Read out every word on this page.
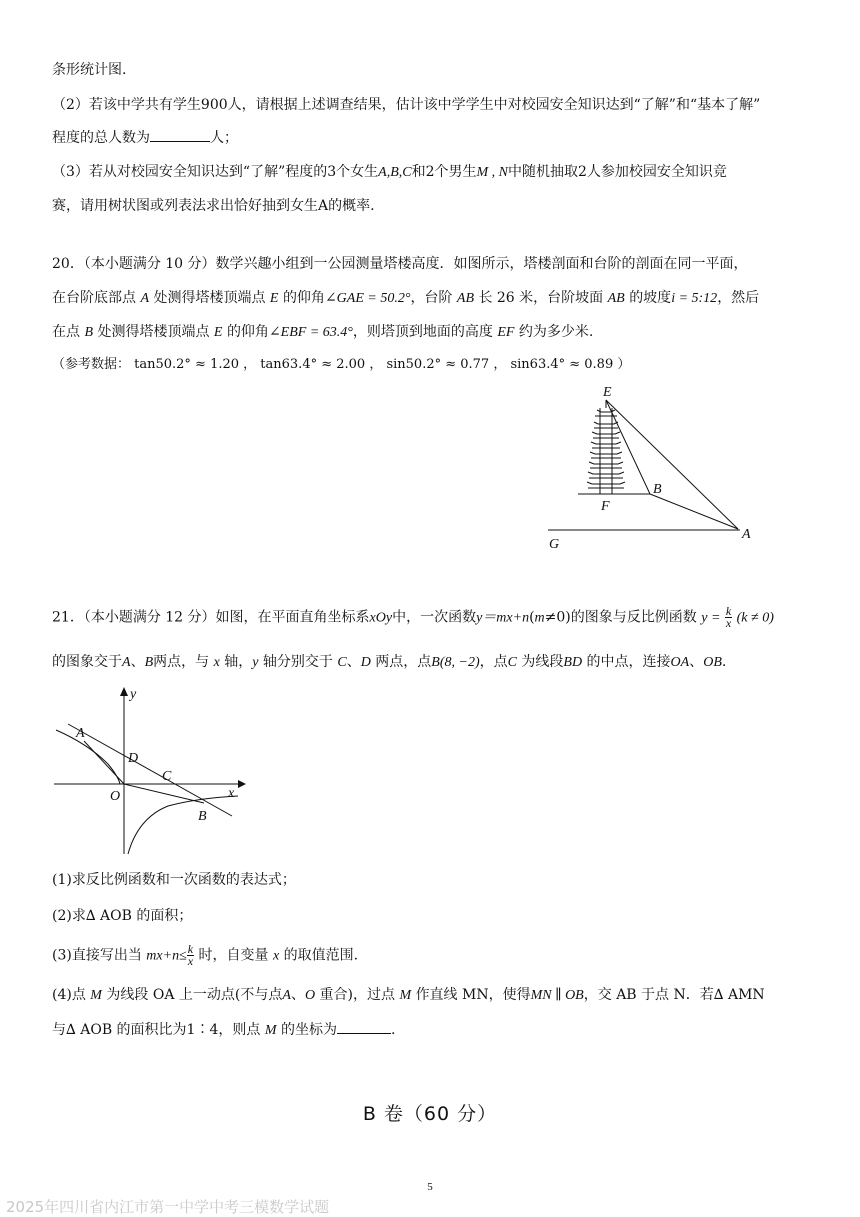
条形统计图.
（2）若该中学共有学生900人，请根据上述调查结果，估计该中学学生中对校园安全知识达到“了解”和“基本了解”
程度的总人数为	人；
（3）若从对校园安全知识达到“了解”程度的3个女生A,B,C和2个男生M , N中随机抽取2人参加校园安全知识竞
赛，请用树状图或列表法求出恰好抽到女生A的概率.
20．（本小题满分 10 分）数学兴趣小组到一公园测量塔楼高度．如图所示，塔楼剖面和台阶的剖面在同一平面，
在台阶底部点 A 处测得塔楼顶端点 E 的仰角∠GAE = 50.2°，台阶 AB 长 26 米，台阶坡面 AB 的坡度i = 5:12，然后
在点 B 处测得塔楼顶端点 E 的仰角∠EBF = 63.4°，则塔顶到地面的高度 EF 约为多少米.
（参考数据： tan50.2° ≈ 1.20 ， tan63.4° ≈ 2.00 ， sin50.2° ≈ 0.77 ， sin63.4° ≈ 0.89 ）
E
B
F
A
G
21．（本小题满分 12 分）如图，在平面直角坐标系xOy中，一次函数y＝mx+n(m≠0)的图象与反比例函数 $y = \frac{k}{x} (k \ne 0)$
的图象交于A、B两点，与 x 轴，y 轴分别交于 C、D 两点，点B(8, −2)，点C 为线段BD 的中点，连接OA、OB.
y
x
A
D
C
O
B
(1)求反比例函数和一次函数的表达式；
(2)求∆ AOB 的面积；
(3)直接写出当 $mx+n\le \frac{k}{x}$ 时，自变量 x 的取值范围.
(4)点 M 为线段 OA 上一动点(不与点A、O 重合)，过点 M 作直线 MN，使得MN ∥ OB，交 AB 于点 N．若∆ AMN
与∆ AOB 的面积比为1∶4，则点 M 的坐标为	.
B 卷（60 分）
5
2025年四川省内江市第一中学中考三模数学试题
